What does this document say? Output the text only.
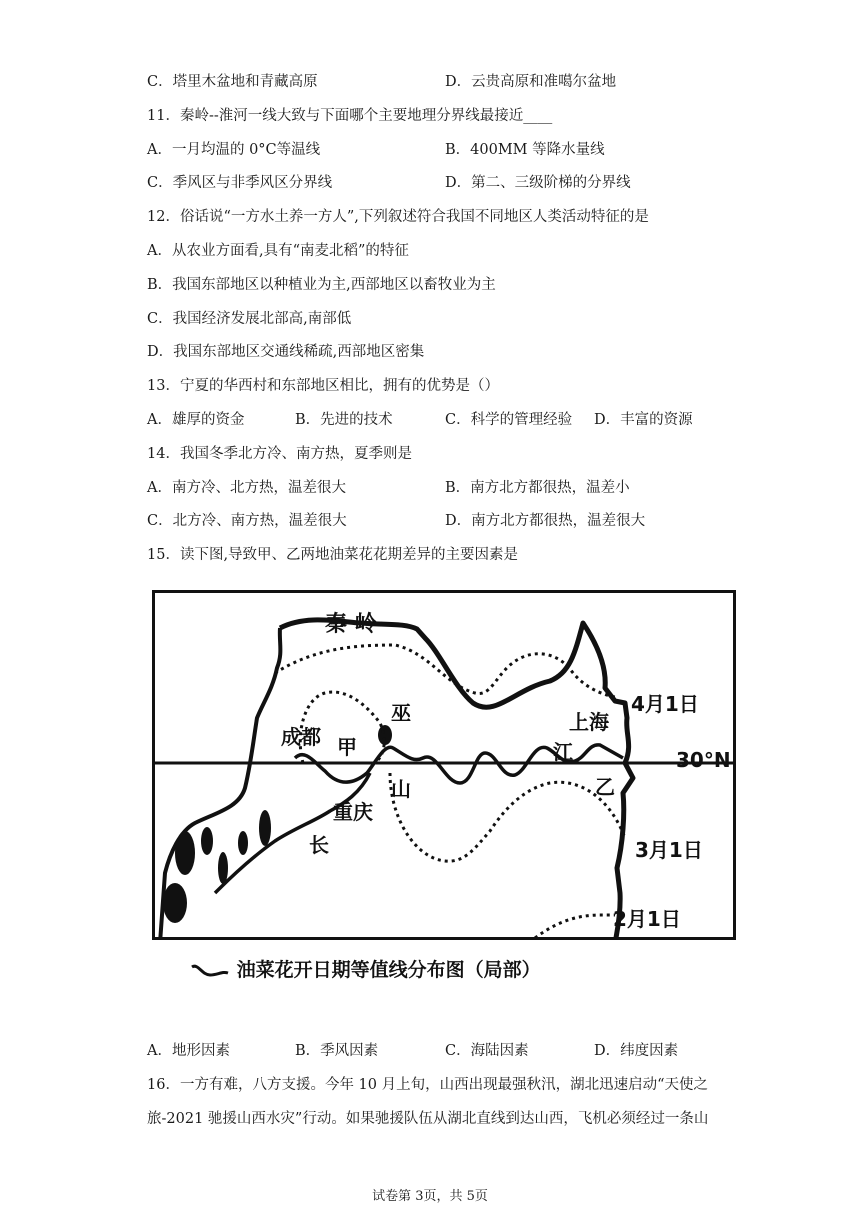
C．塔里木盆地和青藏高原	D．云贵高原和准噶尔盆地
11．秦岭--淮河一线大致与下面哪个主要地理分界线最接近____
A．一月均温的 0°C等温线	B．400MM 等降水量线
C．季风区与非季风区分界线	D．第二、三级阶梯的分界线
12．俗话说“一方水土养一方人”,下列叙述符合我国不同地区人类活动特征的是
A．从农业方面看,具有“南麦北稻”的特征
B．我国东部地区以种植业为主,西部地区以畜牧业为主
C．我国经济发展北部高,南部低
D．我国东部地区交通线稀疏,西部地区密集
13．宁夏的华西村和东部地区相比，拥有的优势是（）
A．雄厚的资金	B．先进的技术	C．科学的管理经验 D．丰富的资源
14．我国冬季北方冷、南方热，夏季则是
A．南方冷、北方热，温差很大	B．南方北方都很热，温差小
C．北方冷、南方热，温差很大	D．南方北方都很热，温差很大
15．读下图,导致甲、乙两地油菜花花期差异的主要因素是
秦 岭
成都 甲
巫
山
重庆
长
江
上海
乙
4月1日
3月1日
2月1日
30°N
油菜花开日期等值线分布图（局部）
A．地形因素	B．季风因素	C．海陆因素	D．纬度因素
16．一方有难，八方支援。今年 10 月上旬，山西出现最强秋汛，湖北迅速启动“天使之
旅-2021 驰援山西水灾”行动。如果驰援队伍从湖北直线到达山西，飞机必须经过一条山
试卷第 3页，共 5页
